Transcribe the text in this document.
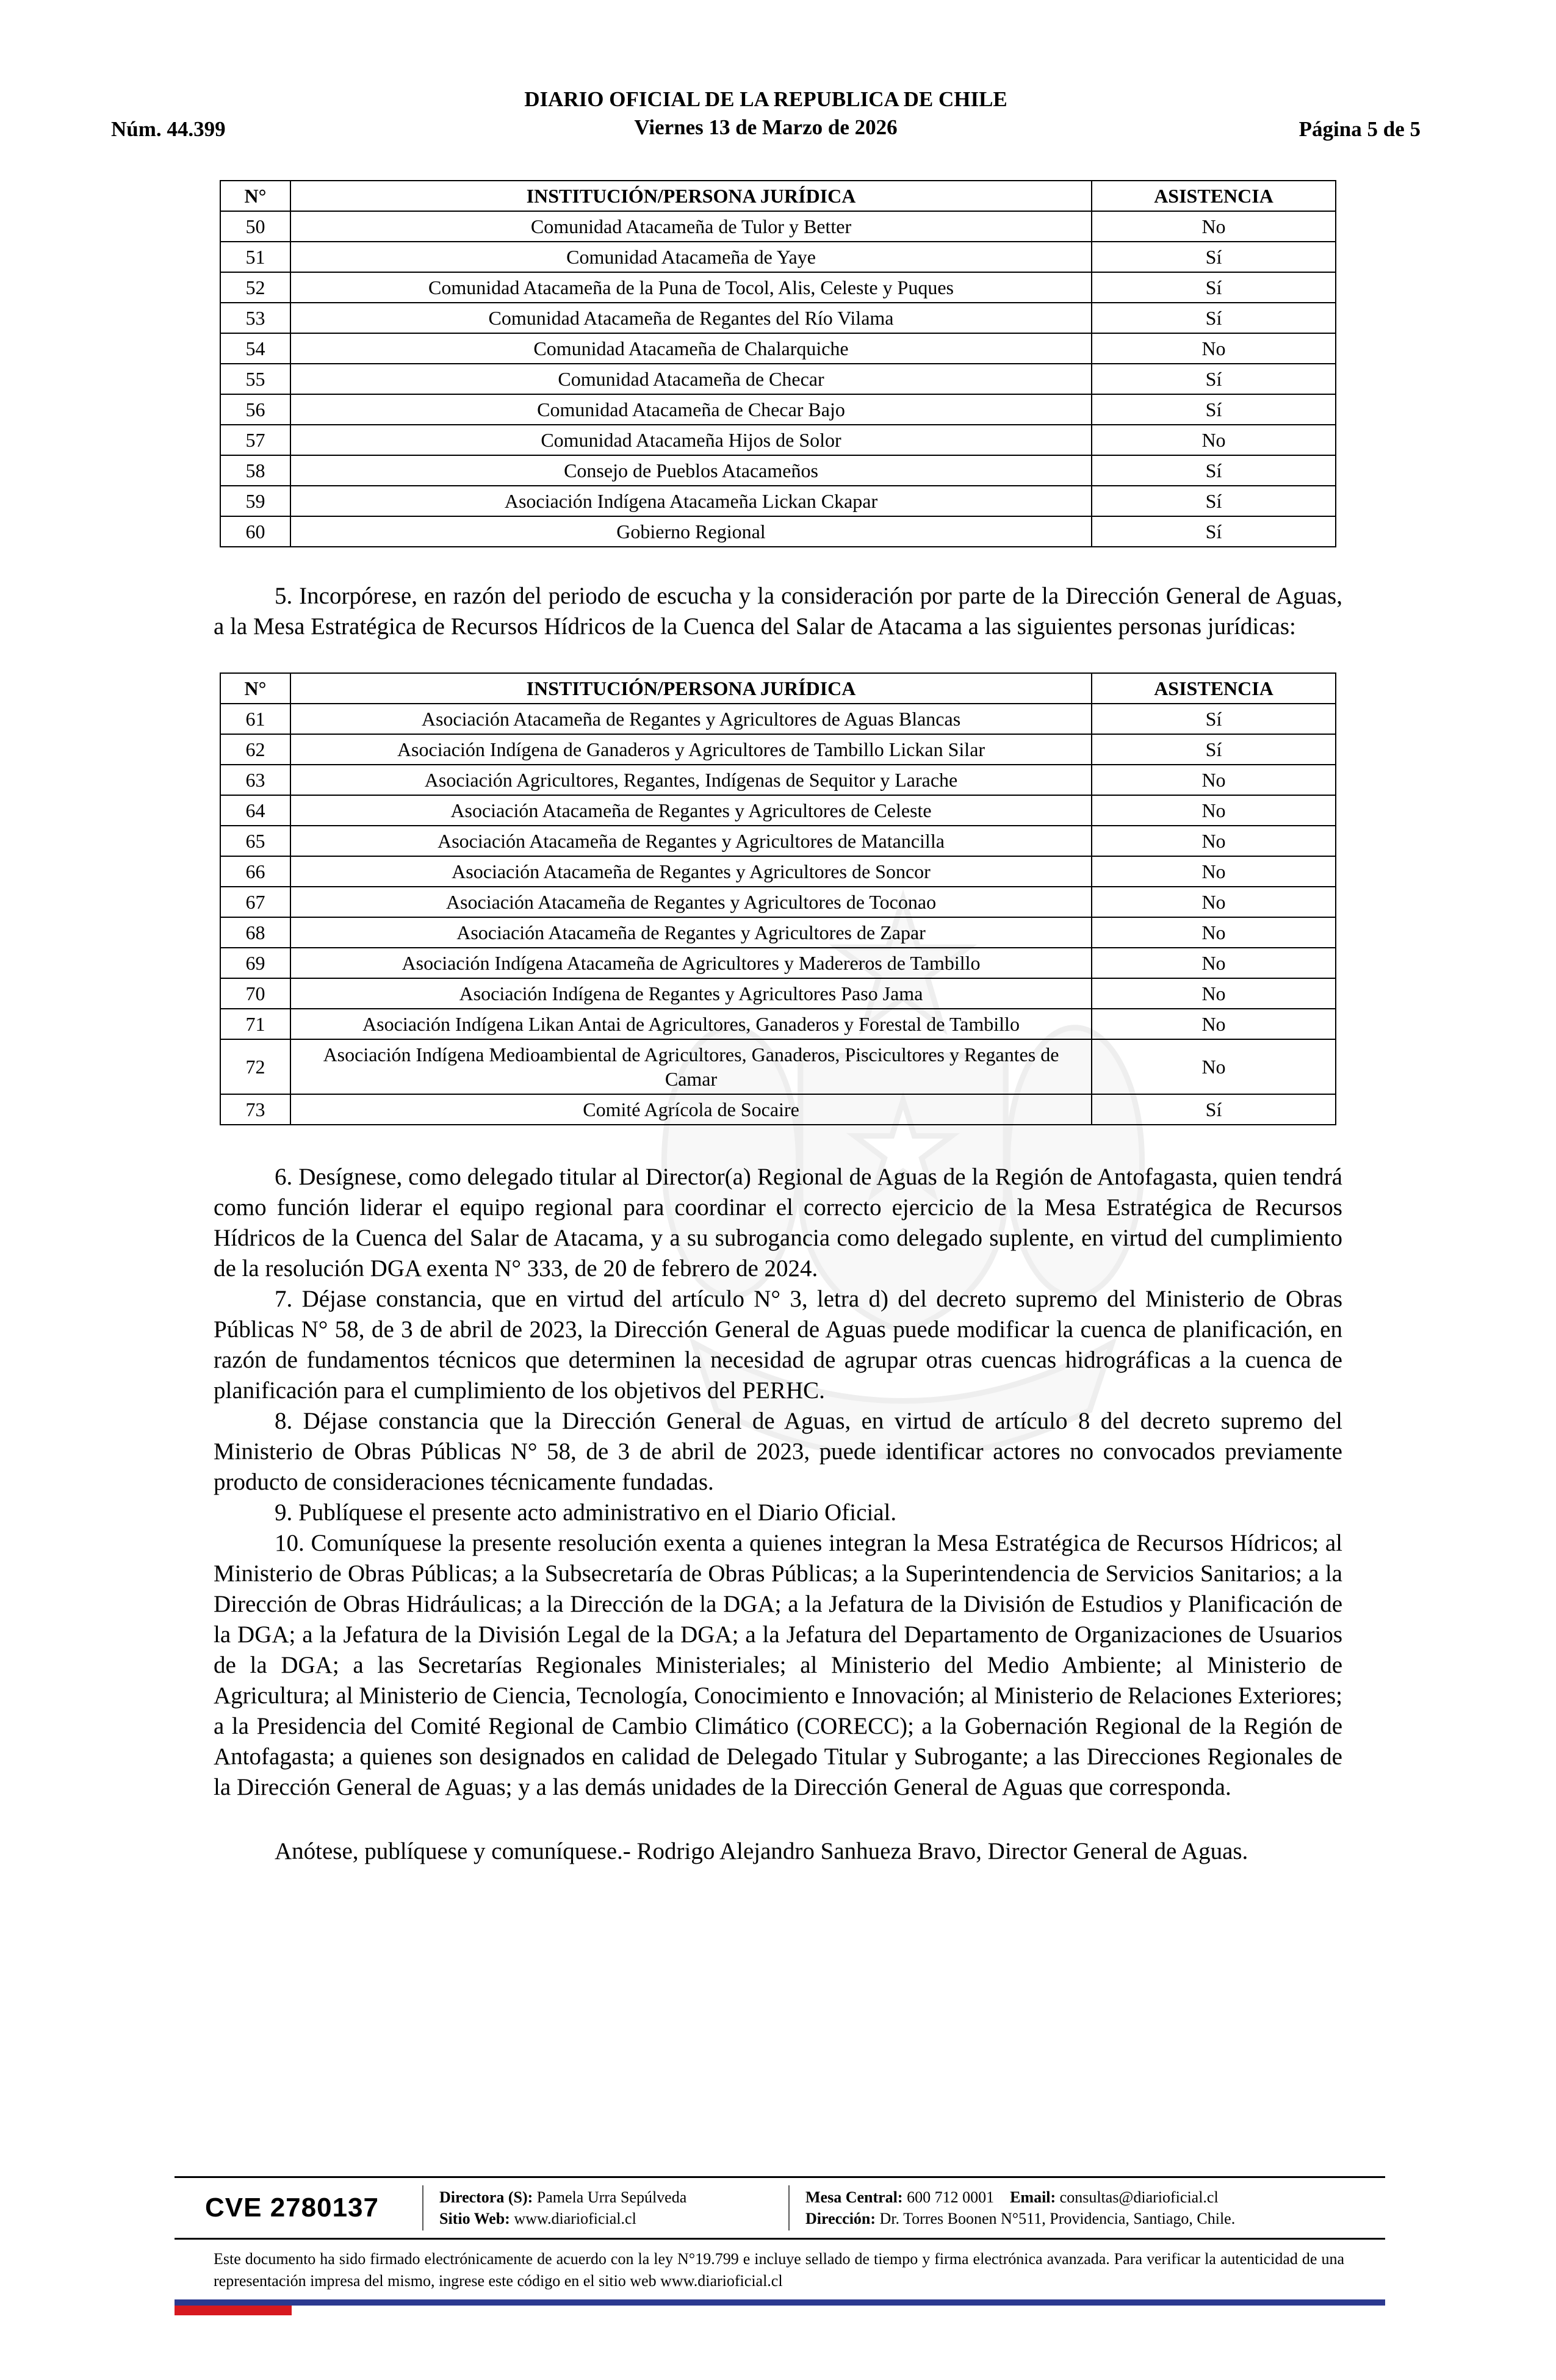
Núm. 44.399
DIARIO OFICIAL DE LA REPUBLICA DE CHILE
Viernes 13 de Marzo de 2026	Página 5 de 5
N°	INSTITUCIÓN/PERSONA JURÍDICA	ASISTENCIA
50	Comunidad Atacameña de Tulor y Better	No
51	Comunidad Atacameña de Yaye	Sí
52	Comunidad Atacameña de la Puna de Tocol, Alis, Celeste y Puques	Sí
53	Comunidad Atacameña de Regantes del Río Vilama	Sí
54	Comunidad Atacameña de Chalarquiche	No
55	Comunidad Atacameña de Checar	Sí
56	Comunidad Atacameña de Checar Bajo	Sí
57	Comunidad Atacameña Hijos de Solor	No
58	Consejo de Pueblos Atacameños	Sí
59	Asociación Indígena Atacameña Lickan Ckapar	Sí
60	Gobierno Regional	Sí

5. Incorpórese, en razón del periodo de escucha y la consideración por parte de la Dirección General de Aguas, a la Mesa Estratégica de Recursos Hídricos de la Cuenca del Salar de Atacama a las siguientes personas jurídicas:

N°	INSTITUCIÓN/PERSONA JURÍDICA	ASISTENCIA
61	Asociación Atacameña de Regantes y Agricultores de Aguas Blancas	Sí
62	Asociación Indígena de Ganaderos y Agricultores de Tambillo Lickan Silar	Sí
63	Asociación Agricultores, Regantes, Indígenas de Sequitor y Larache	No
64	Asociación Atacameña de Regantes y Agricultores de Celeste	No
65	Asociación Atacameña de Regantes y Agricultores de Matancilla	No
66	Asociación Atacameña de Regantes y Agricultores de Soncor	No
67	Asociación Atacameña de Regantes y Agricultores de Toconao	No
68	Asociación Atacameña de Regantes y Agricultores de Zapar	No
69	Asociación Indígena Atacameña de Agricultores y Madereros de Tambillo	No
70	Asociación Indígena de Regantes y Agricultores Paso Jama	No
71	Asociación Indígena Likan Antai de Agricultores, Ganaderos y Forestal de Tambillo	No
72	Asociación Indígena Medioambiental de Agricultores, Ganaderos, Piscicultores y Regantes de Camar	No
73	Comité Agrícola de Socaire	Sí

6. Desígnese, como delegado titular al Director(a) Regional de Aguas de la Región de Antofagasta, quien tendrá como función liderar el equipo regional para coordinar el correcto ejercicio de la Mesa Estratégica de Recursos Hídricos de la Cuenca del Salar de Atacama, y a su subrogancia como delegado suplente, en virtud del cumplimiento de la resolución DGA exenta N° 333, de 20 de febrero de 2024.

7. Déjase constancia, que en virtud del artículo N° 3, letra d) del decreto supremo del Ministerio de Obras Públicas N° 58, de 3 de abril de 2023, la Dirección General de Aguas puede modificar la cuenca de planificación, en razón de fundamentos técnicos que determinen la necesidad de agrupar otras cuencas hidrográficas a la cuenca de planificación para el cumplimiento de los objetivos del PERHC.

8. Déjase constancia que la Dirección General de Aguas, en virtud de artículo 8 del decreto supremo del Ministerio de Obras Públicas N° 58, de 3 de abril de 2023, puede identificar actores no convocados previamente producto de consideraciones técnicamente fundadas.

9. Publíquese el presente acto administrativo en el Diario Oficial.

10. Comuníquese la presente resolución exenta a quienes integran la Mesa Estratégica de Recursos Hídricos; al Ministerio de Obras Públicas; a la Subsecretaría de Obras Públicas; a la Superintendencia de Servicios Sanitarios; a la Dirección de Obras Hidráulicas; a la Dirección de la DGA; a la Jefatura de la División de Estudios y Planificación de la DGA; a la Jefatura de la División Legal de la DGA; a la Jefatura del Departamento de Organizaciones de Usuarios de la DGA; a las Secretarías Regionales Ministeriales; al Ministerio del Medio Ambiente; al Ministerio de Agricultura; al Ministerio de Ciencia, Tecnología, Conocimiento e Innovación; al Ministerio de Relaciones Exteriores; a la Presidencia del Comité Regional de Cambio Climático (CORECC); a la Gobernación Regional de la Región de Antofagasta; a quienes son designados en calidad de Delegado Titular y Subrogante; a las Direcciones Regionales de la Dirección General de Aguas; y a las demás unidades de la Dirección General de Aguas que corresponda.

Anótese, publíquese y comuníquese.- Rodrigo Alejandro Sanhueza Bravo, Director General de Aguas.

CVE 2780137	Directora (S): Pamela Urra Sepúlveda
Sitio Web: www.diarioficial.cl
Mesa Central: 600 712 0001 Email: consultas@diarioficial.cl
Dirección: Dr. Torres Boonen N°511, Providencia, Santiago, Chile.

Este documento ha sido firmado electrónicamente de acuerdo con la ley N°19.799 e incluye sellado de tiempo y firma electrónica avanzada. Para verificar la autenticidad de una representación impresa del mismo, ingrese este código en el sitio web www.diarioficial.cl
